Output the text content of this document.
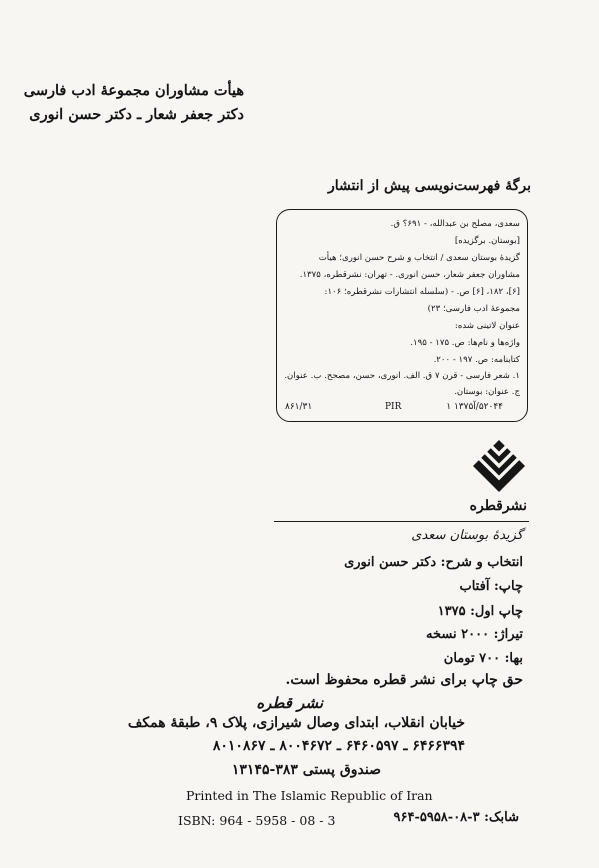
هیأت مشاوران مجموعۀ ادب فارسی
دکتر جعفر شعار ـ دکتر حسن انوری
برگۀ فهرست‌نویسی پیش از انتشار
سعدی، مصلح بن عبدالله، - ۶۹۱؟ ق.
[بوستان. برگزیده]
گزیدهٔ بوستان سعدی / انتخاب و شرح حسن انوری؛ هیأت
مشاوران جعفر شعار، حسن انوری. - تهران: نشرقطره، ۱۳۷۵.
[۶]، ۱۸۲، [۶] ص. - (سلسله انتشارات نشرقطره؛ ۱۰۶:
مجموعهٔ ادب فارسی؛ ۲۳)
عنوان لاتینی شده:
واژه‌ها و نام‌ها: ص. ۱۷۵ - ۱۹۵.
کتابنامه: ص. ۱۹۷ - ۲۰۰.
۱. شعر فارسی - قرن ۷ ق. الف. انوری، حسن، مصحح. ب. عنوان.
ج. عنوان: بوستان.
۸۶۱/۳۱	PIR	۵۲۰۴۴/آ۱۳۷۵ ۱
نشرقطره
گزیدهٔ بوستان سعدی
انتخاب و شرح: دکتر حسن انوری
چاپ: آفتاب
چاپ اول: ۱۳۷۵
تیراژ: ۲۰۰۰ نسخه
بها: ۷۰۰ تومان
حق چاپ برای نشر قطره محفوظ است.
نشر قطره
خیابان انقلاب، ابتدای وصال شیرازی، پلاک ۹، طبقهٔ همکف
۶۴۶۶۳۹۴ ـ ۶۴۶۰۵۹۷ ـ ۸۰۰۴۶۷۲ ـ ۸۰۱۰۸۶۷
صندوق پستی ۳۸۳-۱۳۱۴۵
Printed in The Islamic Republic of Iran
ISBN: 964 - 5958 - 08 - 3	شابک: ۳-۰۸-۵۹۵۸-۹۶۴
